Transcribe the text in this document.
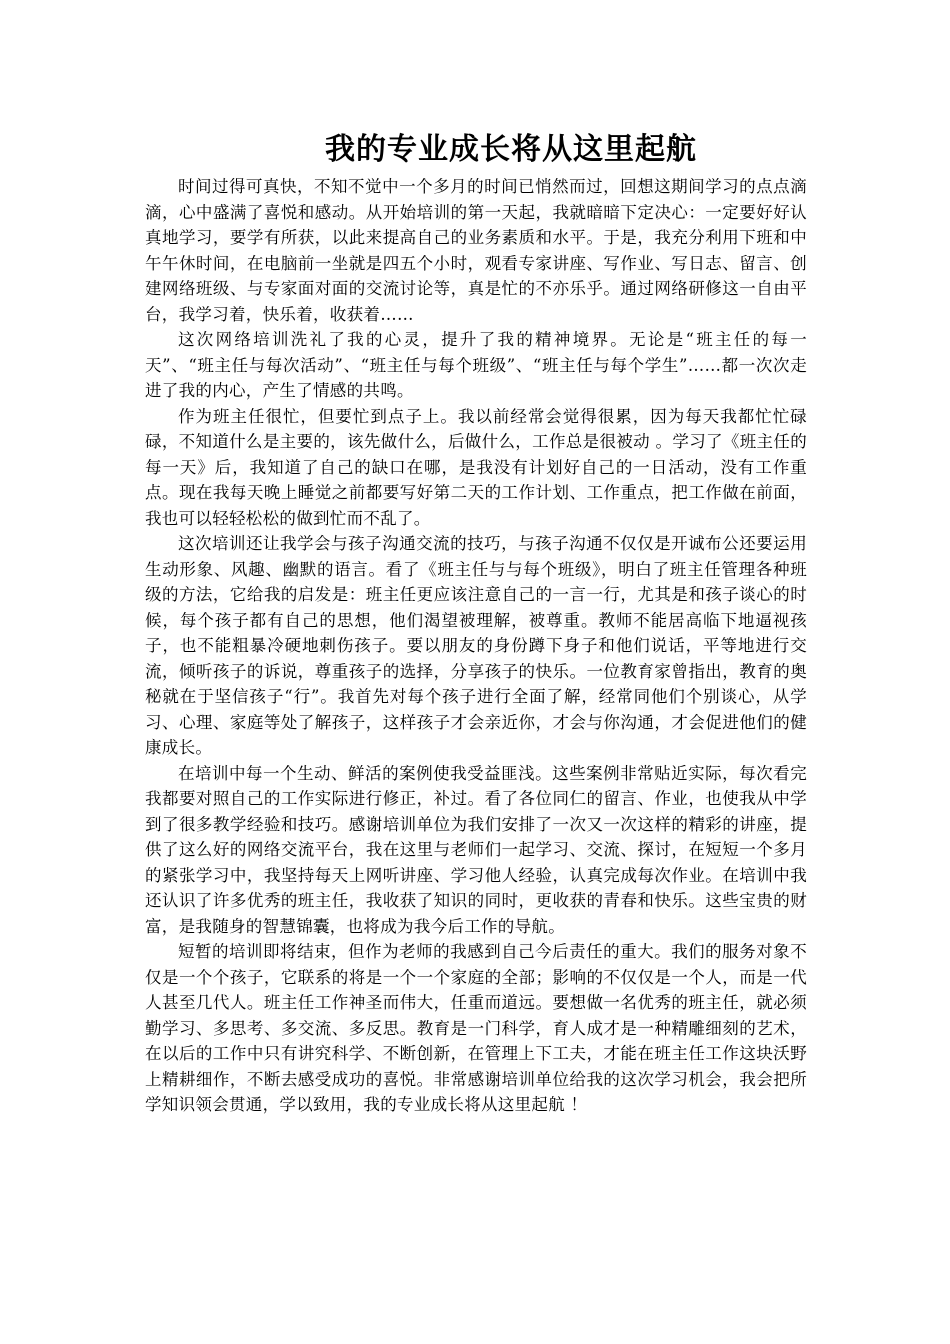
我的专业成长将从这里起航

时间过得可真快，不知不觉中一个多月的时间已悄然而过，回想这期间学习的点点滴滴，心中盛满了喜悦和感动。从开始培训的第一天起，我就暗暗下定决心：一定要好好认真地学习，要学有所获，以此来提高自己的业务素质和水平。于是，我充分利用下班和中午午休时间，在电脑前一坐就是四五个小时，观看专家讲座、写作业、写日志、留言、创建网络班级、与专家面对面的交流讨论等，真是忙的不亦乐乎。通过网络研修这一自由平台，我学习着，快乐着，收获着……

这次网络培训洗礼了我的心灵，提升了我的精神境界。无论是“班主任的每一天”、“班主任与每次活动”、“班主任与每个班级”、“班主任与每个学生”……都一次次走进了我的内心，产生了情感的共鸣。

作为班主任很忙，但要忙到点子上。我以前经常会觉得很累，因为每天我都忙忙碌碌，不知道什么是主要的，该先做什么，后做什么，工作总是很被动 。学习了《班主任的每一天》后，我知道了自己的缺口在哪，是我没有计划好自己的一日活动，没有工作重点。现在我每天晚上睡觉之前都要写好第二天的工作计划、工作重点，把工作做在前面，我也可以轻轻松松的做到忙而不乱了。

这次培训还让我学会与孩子沟通交流的技巧，与孩子沟通不仅仅是开诚布公还要运用生动形象、风趣、幽默的语言。看了《班主任与与每个班级》，明白了班主任管理各种班级的方法，它给我的启发是：班主任更应该注意自己的一言一行，尤其是和孩子谈心的时候，每个孩子都有自己的思想，他们渴望被理解，被尊重。教师不能居高临下地逼视孩子，也不能粗暴冷硬地刺伤孩子。要以朋友的身份蹲下身子和他们说话，平等地进行交流，倾听孩子的诉说，尊重孩子的选择，分享孩子的快乐。一位教育家曾指出，教育的奥秘就在于坚信孩子“行”。我首先对每个孩子进行全面了解，经常同他们个别谈心，从学习、心理、家庭等处了解孩子，这样孩子才会亲近你，才会与你沟通，才会促进他们的健康成长。

在培训中每一个生动、鲜活的案例使我受益匪浅。这些案例非常贴近实际，每次看完我都要对照自己的工作实际进行修正，补过。看了各位同仁的留言、作业，也使我从中学到了很多教学经验和技巧。感谢培训单位为我们安排了一次又一次这样的精彩的讲座，提供了这么好的网络交流平台，我在这里与老师们一起学习、交流、探讨，在短短一个多月的紧张学习中，我坚持每天上网听讲座、学习他人经验，认真完成每次作业。在培训中我还认识了许多优秀的班主任，我收获了知识的同时，更收获的青春和快乐。这些宝贵的财富，是我随身的智慧锦囊，也将成为我今后工作的导航。

短暂的培训即将结束，但作为老师的我感到自己今后责任的重大。我们的服务对象不仅是一个个孩子，它联系的将是一个一个家庭的全部；影响的不仅仅是一个人，而是一代人甚至几代人。班主任工作神圣而伟大，任重而道远。要想做一名优秀的班主任，就必须勤学习、多思考、多交流、多反思。教育是一门科学，育人成才是一种精雕细刻的艺术，在以后的工作中只有讲究科学、不断创新，在管理上下工夫，才能在班主任工作这块沃野上精耕细作，不断去感受成功的喜悦。非常感谢培训单位给我的这次学习机会，我会把所学知识领会贯通，学以致用，我的专业成长将从这里起航 ！
